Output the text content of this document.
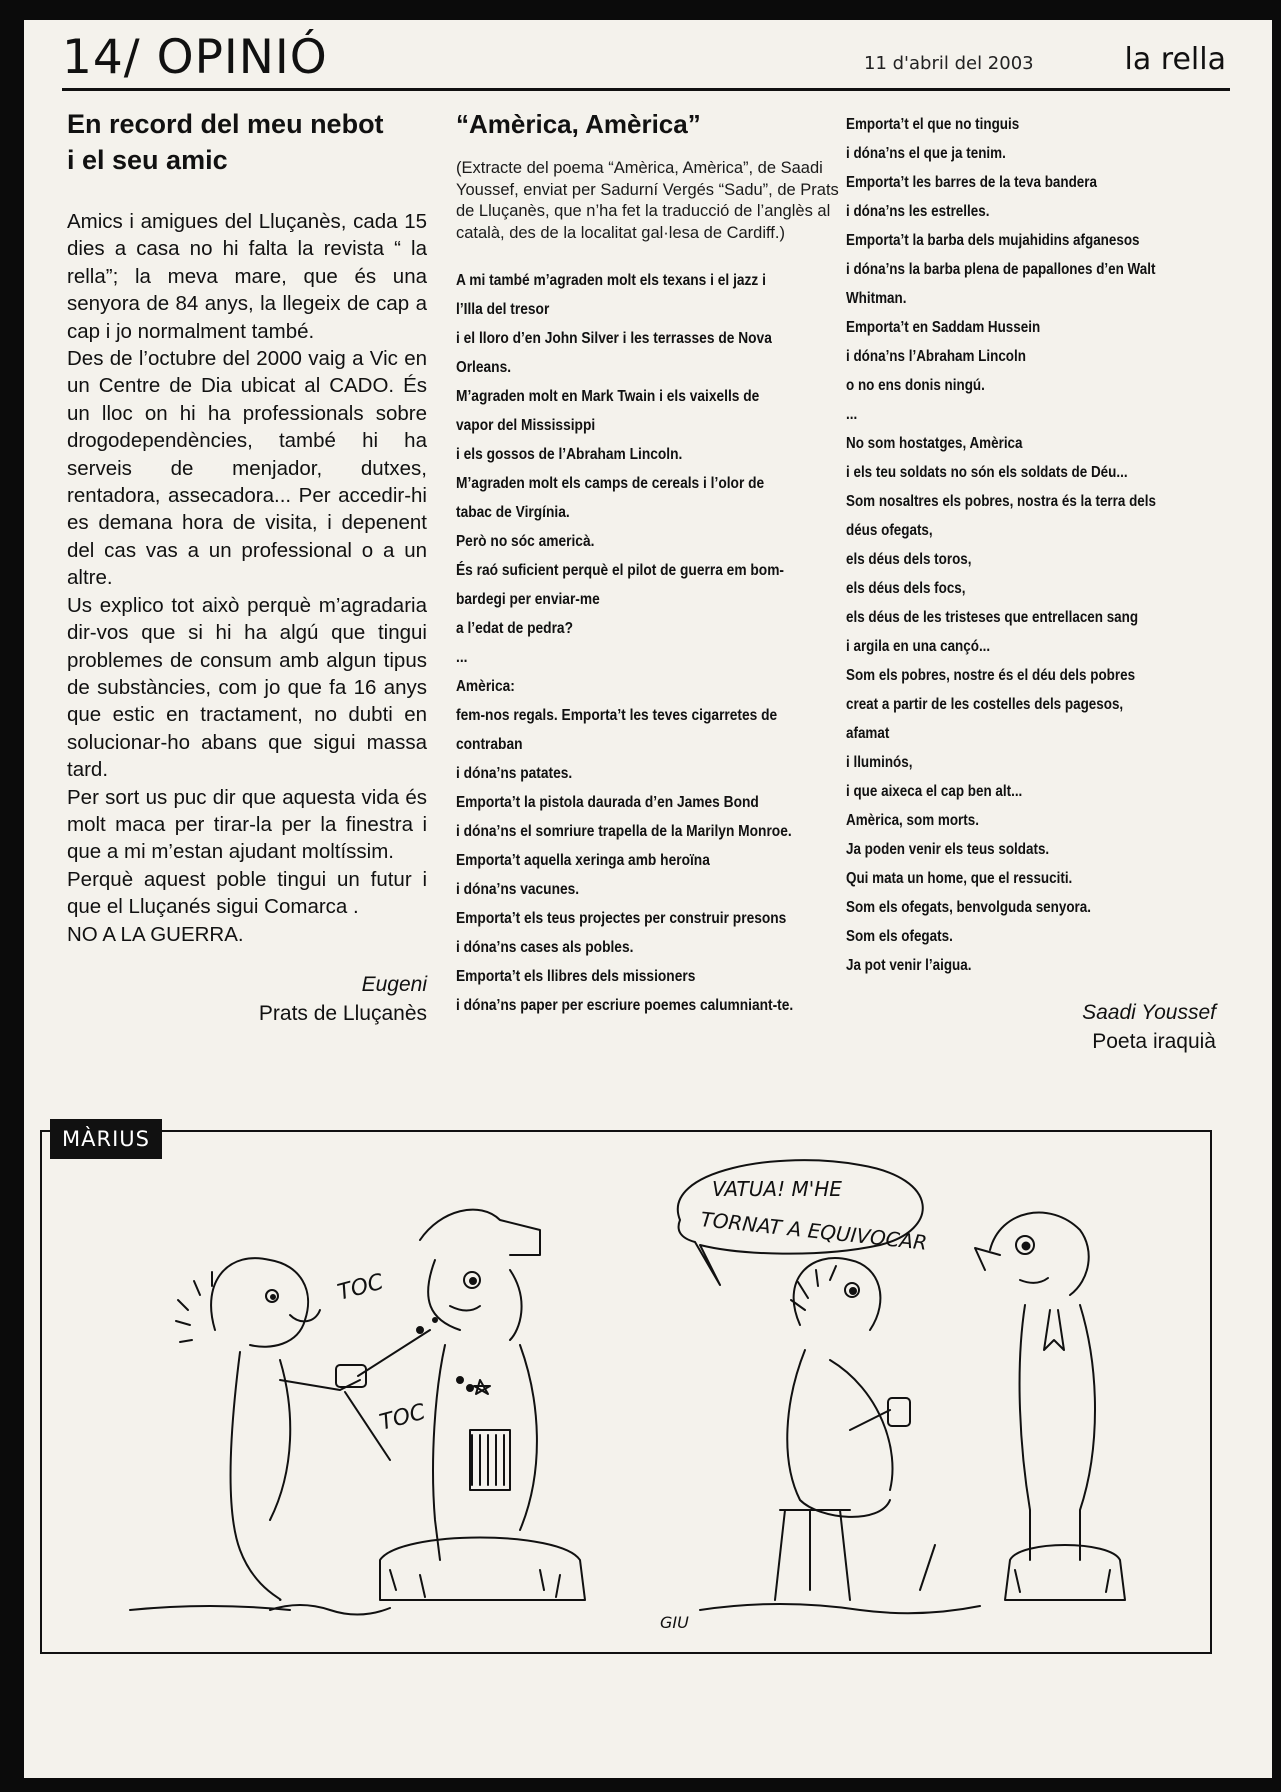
14/ OPINIÓ	11 d'abril del 2003	la rella
En record del meu nebot
i el seu amic

Amics i amigues del Lluçanès, cada 15 dies a casa no hi falta la revista “ la rella”; la meva mare, que és una senyora de 84 anys, la llegeix de cap a cap i jo normalment també.

Des de l’octubre del 2000 vaig a Vic en un Centre de Dia ubicat al CADO. És un lloc on hi ha professionals sobre drogodependències, també hi ha serveis de menjador, dutxes, rentadora, assecadora... Per accedir-hi es demana hora de visita, i depenent del cas vas a un professional o a un altre.

Us explico tot això perquè m’agradaria dir-vos que si hi ha algú que tingui problemes de consum amb algun tipus de substàncies, com jo que fa 16 anys que estic en tractament, no dubti en solucionar-ho abans que sigui massa tard.

Per sort us puc dir que aquesta vida és molt maca per tirar-la per la finestra i que a mi m’estan ajudant moltíssim.

Perquè aquest poble tingui un futur i que el Lluçanés sigui Comarca .

NO A LA GUERRA.

Eugeni
Prats de Lluçanès
“Amèrica, Amèrica”
(Extracte del poema “Amèrica, Amèrica”, de Saadi Youssef, enviat per Sadurní Vergés “Sadu”, de Prats de Lluçanès, que n’ha fet la traducció de l’anglès al català, des de la localitat gal·lesa de Cardiff.)
A mi també m’agraden molt els texans i el jazz i
l’Illa del tresor
i el lloro d’en John Silver i les terrasses de Nova
Orleans.
M’agraden molt en Mark Twain i els vaixells de
vapor del Mississippi
i els gossos de l’Abraham Lincoln.
M’agraden molt els camps de cereals i l’olor de
tabac de Virgínia.
Però no sóc americà.
És raó suficient perquè el pilot de guerra em bom-
bardegi per enviar-me
a l’edat de pedra?
...
Amèrica:
fem-nos regals. Emporta’t les teves cigarretes de
contraban
i dóna’ns patates.
Emporta’t la pistola daurada d’en James Bond
i dóna’ns el somriure trapella de la Marilyn Monroe.
Emporta’t aquella xeringa amb heroïna
i dóna’ns vacunes.
Emporta’t els teus projectes per construir presons
i dóna’ns cases als pobles.
Emporta’t els llibres dels missioners
i dóna’ns paper per escriure poemes calumniant-te.
Emporta’t el que no tinguis
i dóna’ns el que ja tenim.
Emporta’t les barres de la teva bandera
i dóna’ns les estrelles.
Emporta’t la barba dels mujahidins afganesos
i dóna’ns la barba plena de papallones d’en Walt
Whitman.
Emporta’t en Saddam Hussein
i dóna’ns l’Abraham Lincoln
o no ens donis ningú.
...
No som hostatges, Amèrica
i els teu soldats no són els soldats de Déu...
Som nosaltres els pobres, nostra és la terra dels
déus ofegats,
els déus dels toros,
els déus dels focs,
els déus de les tristeses que entrellacen sang
i argila en una cançó...
Som els pobres, nostre és el déu dels pobres
creat a partir de les costelles dels pagesos,
afamat
i lluminós,
i que aixeca el cap ben alt...
Amèrica, som morts.
Ja poden venir els teus soldats.
Qui mata un home, que el ressuciti.
Som els ofegats, benvolguda senyora.
Som els ofegats.
Ja pot venir l’aigua.
Saadi Youssef
Poeta iraquià
TOC
TOC
VATUA! M'HE
TORNAT A EQUIVOCAR
GIU
MÀRIUS
